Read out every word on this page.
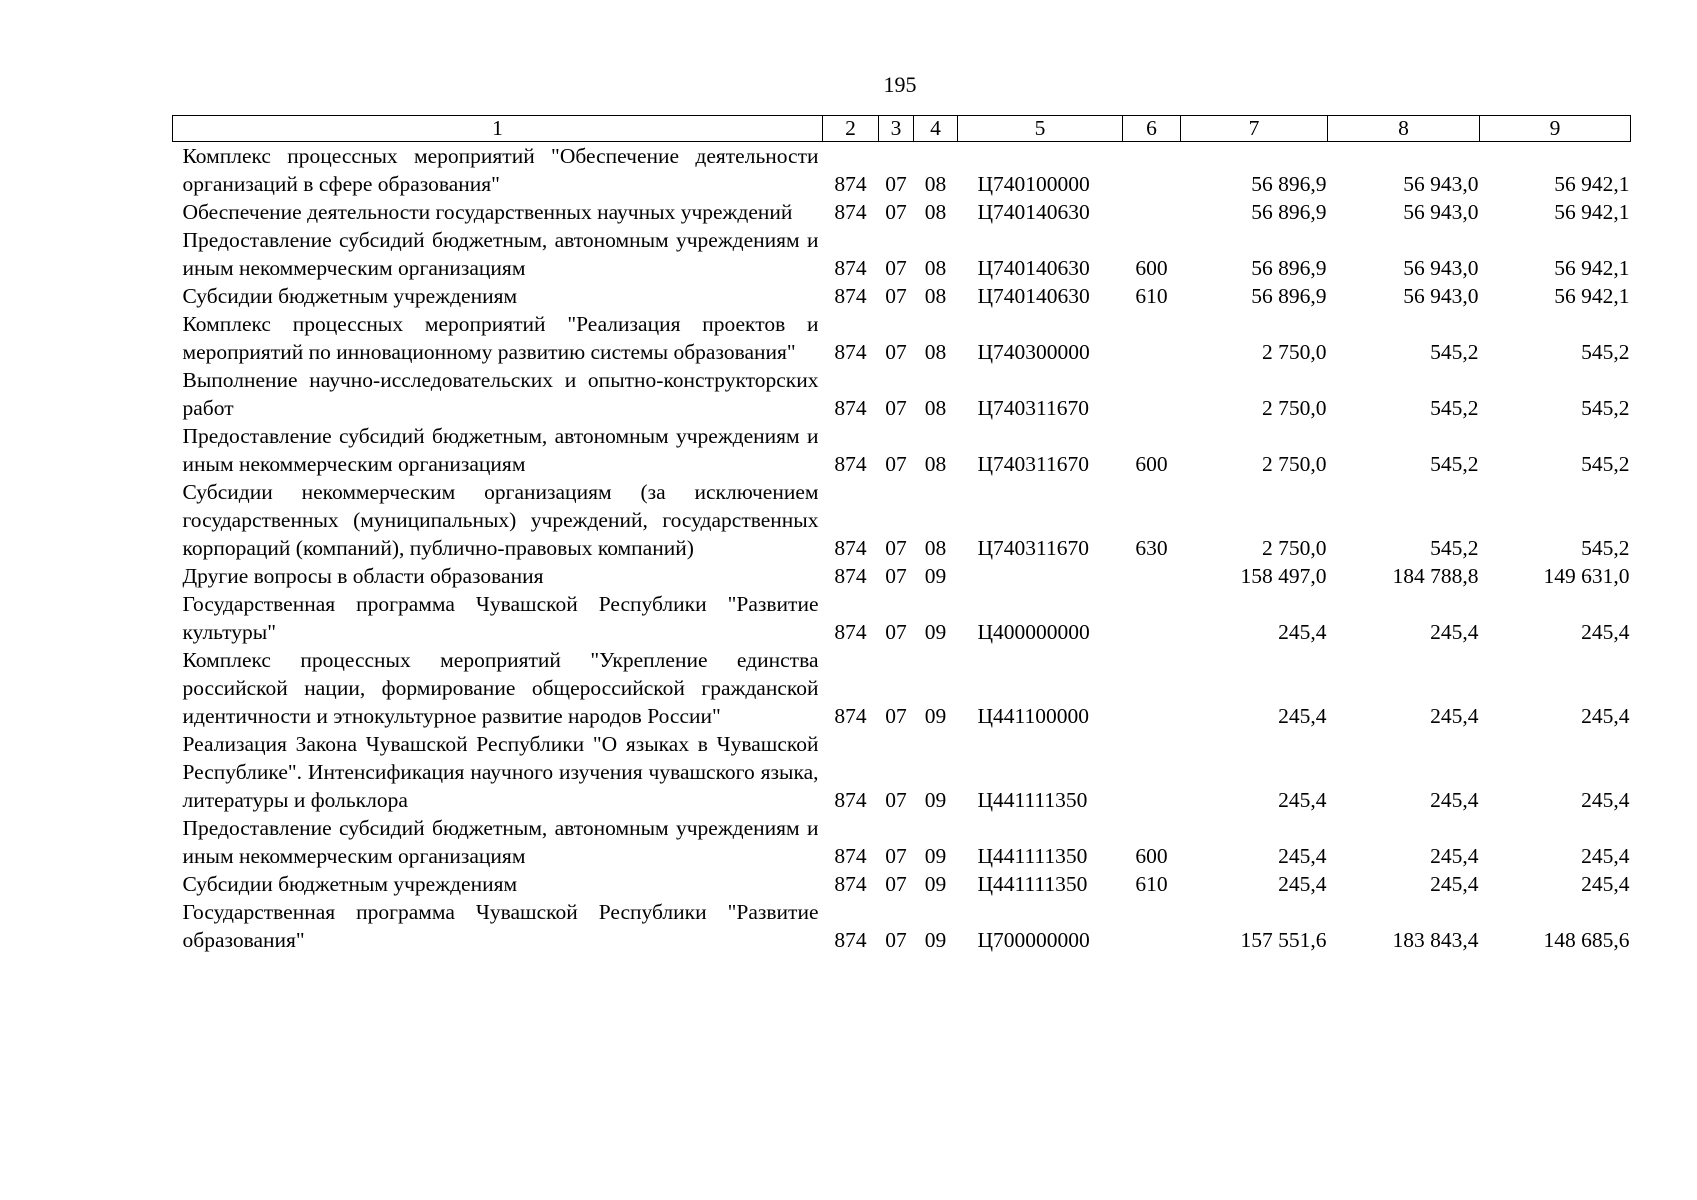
195
1	2	3	4	5	6	7	8	9
Комплекс процессных мероприятий "Обеспечение деятельности организаций в сфере образования"	874	07	08	Ц740100000		56 896,9	56 943,0	56 942,1
Обеспечение деятельности государственных научных учреждений	874	07	08	Ц740140630		56 896,9	56 943,0	56 942,1
Предоставление субсидий бюджетным, автономным учреждениям и иным некоммерческим организациям	874	07	08	Ц740140630	600	56 896,9	56 943,0	56 942,1
Субсидии бюджетным учреждениям	874	07	08	Ц740140630	610	56 896,9	56 943,0	56 942,1
Комплекс процессных мероприятий "Реализация проектов и мероприятий по инновационному развитию системы образования"	874	07	08	Ц740300000		2 750,0	545,2	545,2
Выполнение научно-исследовательских и опытно-конструкторских работ	874	07	08	Ц740311670		2 750,0	545,2	545,2
Предоставление субсидий бюджетным, автономным учреждениям и иным некоммерческим организациям	874	07	08	Ц740311670	600	2 750,0	545,2	545,2
Субсидии некоммерческим организациям (за исключением государственных (муниципальных) учреждений, государственных корпораций (компаний), публично-правовых компаний)	874	07	08	Ц740311670	630	2 750,0	545,2	545,2
Другие вопросы в области образования	874	07	09			158 497,0	184 788,8	149 631,0
Государственная программа Чувашской Республики "Развитие культуры"	874	07	09	Ц400000000		245,4	245,4	245,4
Комплекс процессных мероприятий "Укрепление единства российской нации, формирование общероссийской гражданской идентичности и этнокультурное развитие народов России"	874	07	09	Ц441100000		245,4	245,4	245,4
Реализация Закона Чувашской Республики "О языках в Чувашской Республике". Интенсификация научного изучения чувашского языка, литературы и фольклора	874	07	09	Ц441111350		245,4	245,4	245,4
Предоставление субсидий бюджетным, автономным учреждениям и иным некоммерческим организациям	874	07	09	Ц441111350	600	245,4	245,4	245,4
Субсидии бюджетным учреждениям	874	07	09	Ц441111350	610	245,4	245,4	245,4
Государственная программа Чувашской Республики "Развитие образования"	874	07	09	Ц700000000		157 551,6	183 843,4	148 685,6
